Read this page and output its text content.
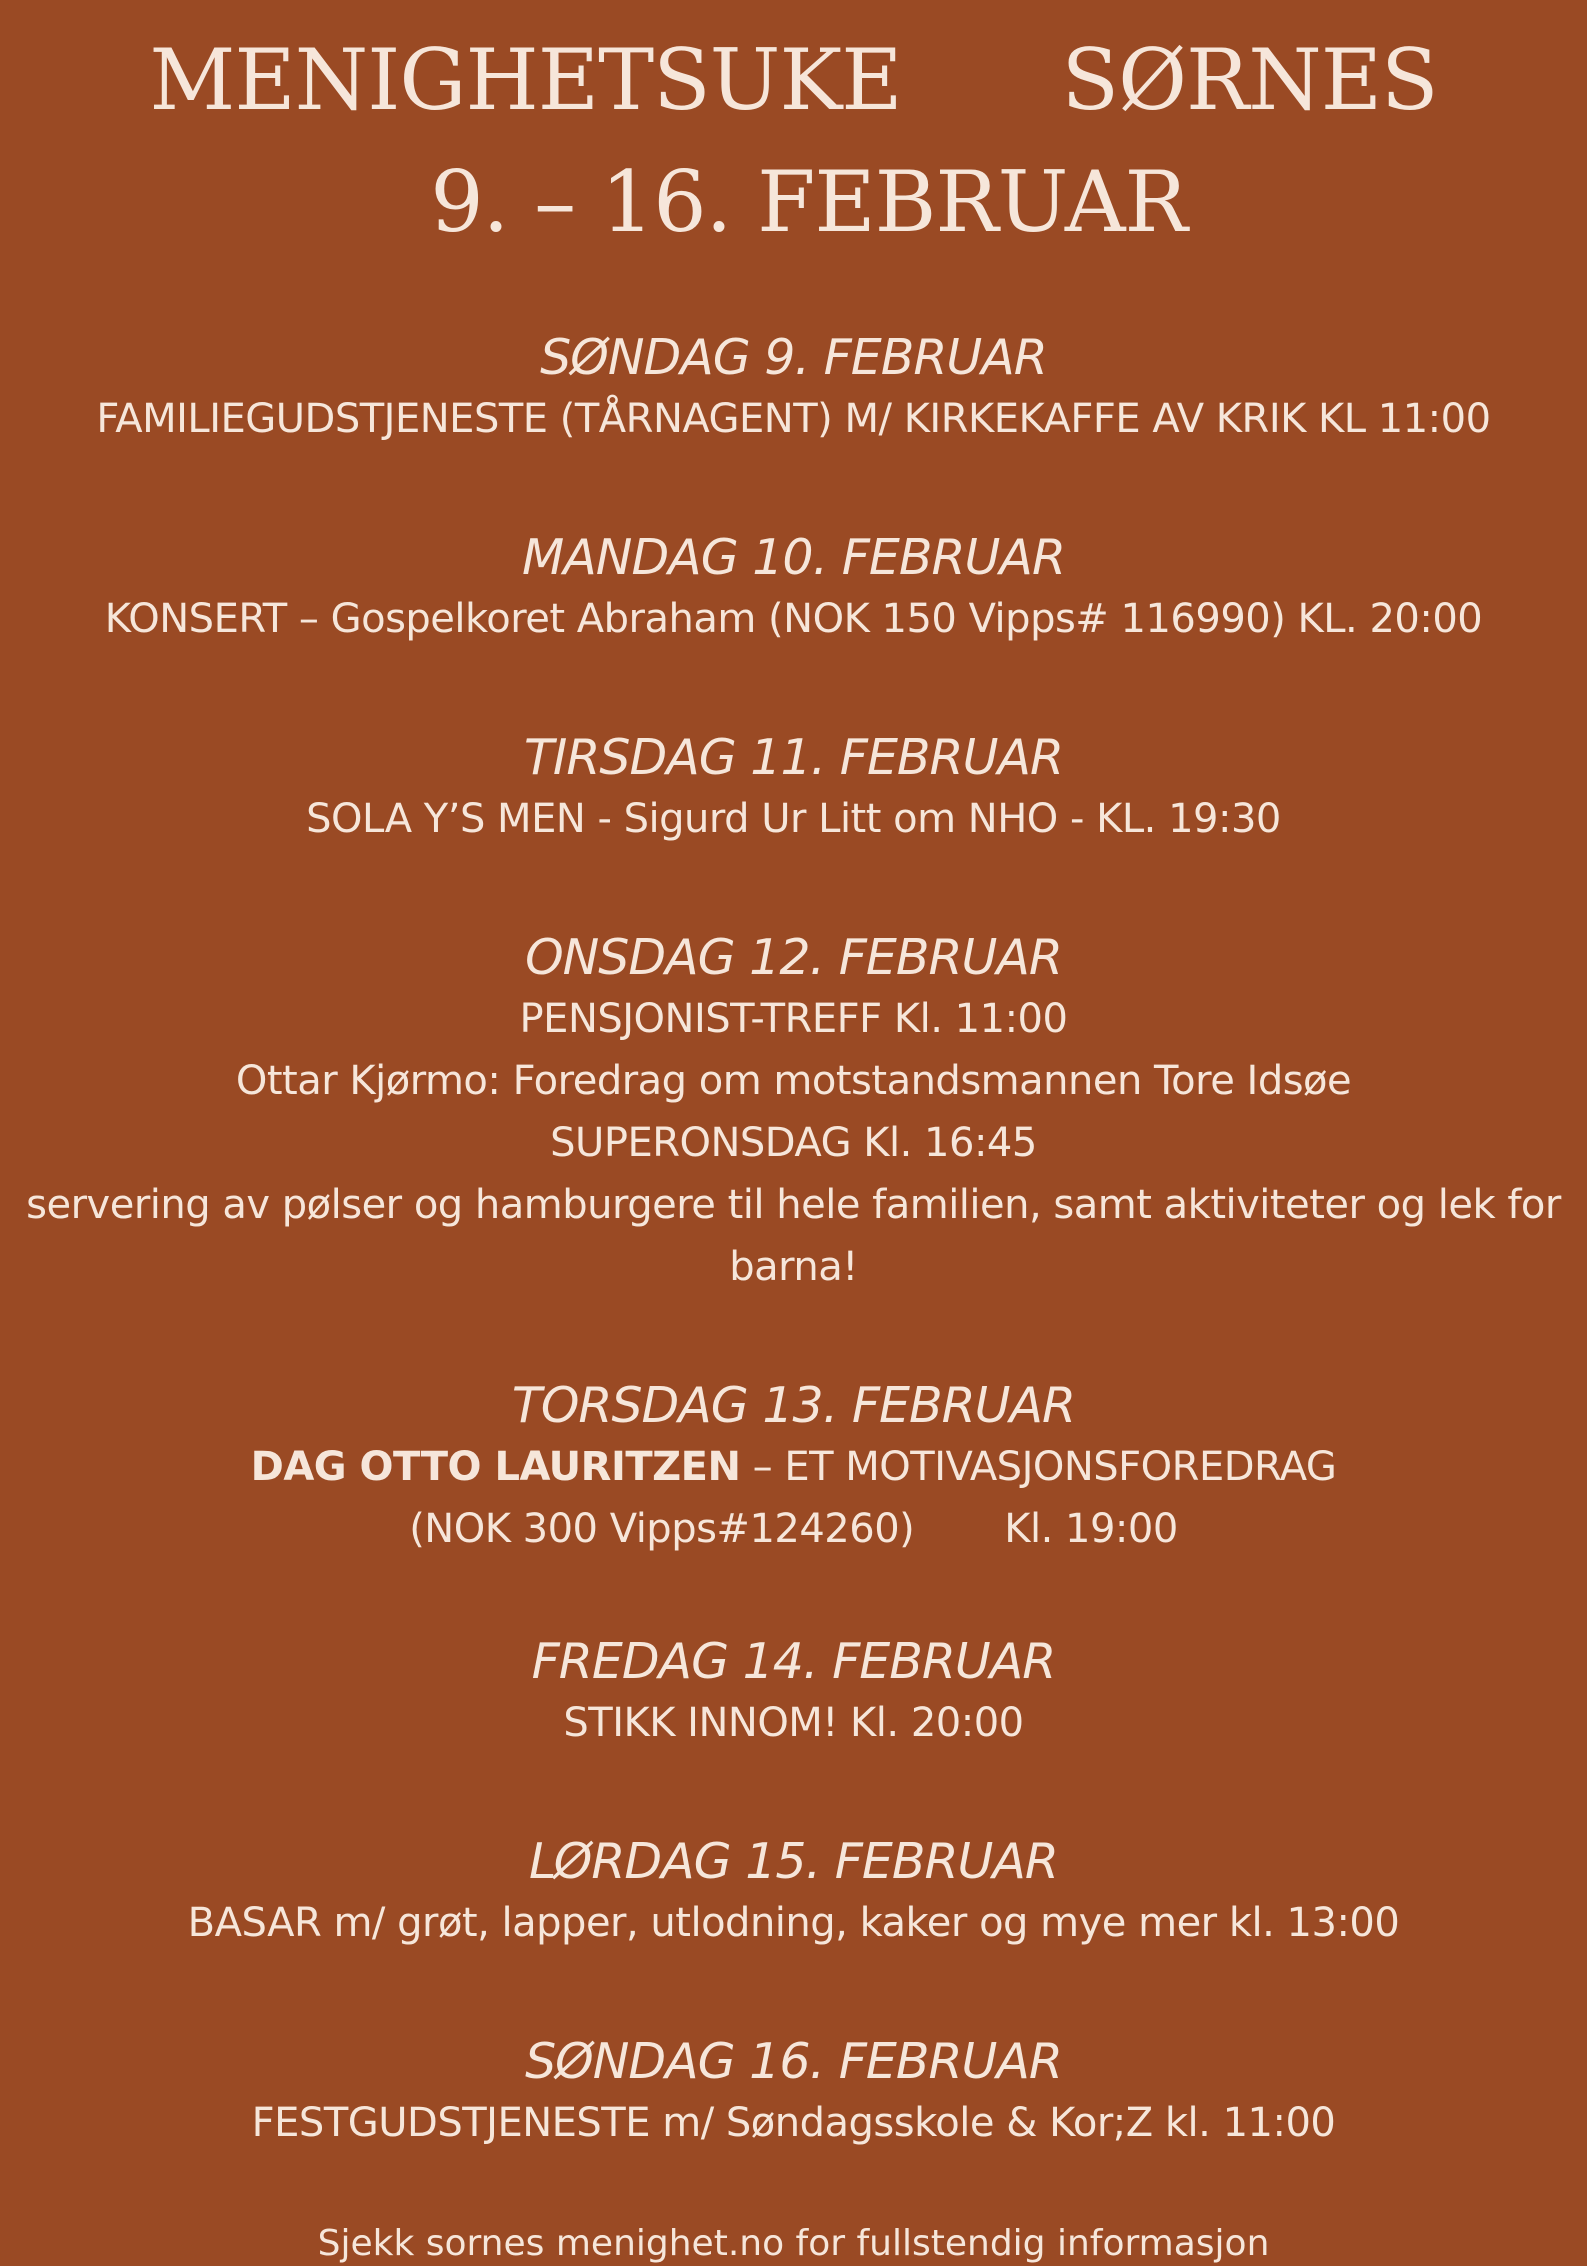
MENIGHETSUKE SØRNES
9. – 16. FEBRUAR
SØNDAG 9. FEBRUAR
FAMILIEGUDSTJENESTE (TÅRNAGENT) M/ KIRKEKAFFE AV KRIK KL 11:00
MANDAG 10. FEBRUAR
KONSERT – Gospelkoret Abraham (NOK 150 Vipps# 116990) KL. 20:00
TIRSDAG 11. FEBRUAR
SOLA Y’S MEN - Sigurd Ur Litt om NHO - KL. 19:30
ONSDAG 12. FEBRUAR
PENSJONIST-TREFF Kl. 11:00
Ottar Kjørmo: Foredrag om motstandsmannen Tore Idsøe
SUPERONSDAG Kl. 16:45
servering av pølser og hamburgere til hele familien, samt aktiviteter og lek for barna!
TORSDAG 13. FEBRUAR
DAG OTTO LAURITZEN – ET MOTIVASJONSFOREDRAG
(NOK 300 Vipps#124260) Kl. 19:00
FREDAG 14. FEBRUAR
STIKK INNOM! Kl. 20:00
LØRDAG 15. FEBRUAR
BASAR m/ grøt, lapper, utlodning, kaker og mye mer kl. 13:00
SØNDAG 16. FEBRUAR
FESTGUDSTJENESTE m/ Søndagsskole & Kor;Z kl. 11:00
Sjekk sornes menighet.no for fullstendig informasjon
